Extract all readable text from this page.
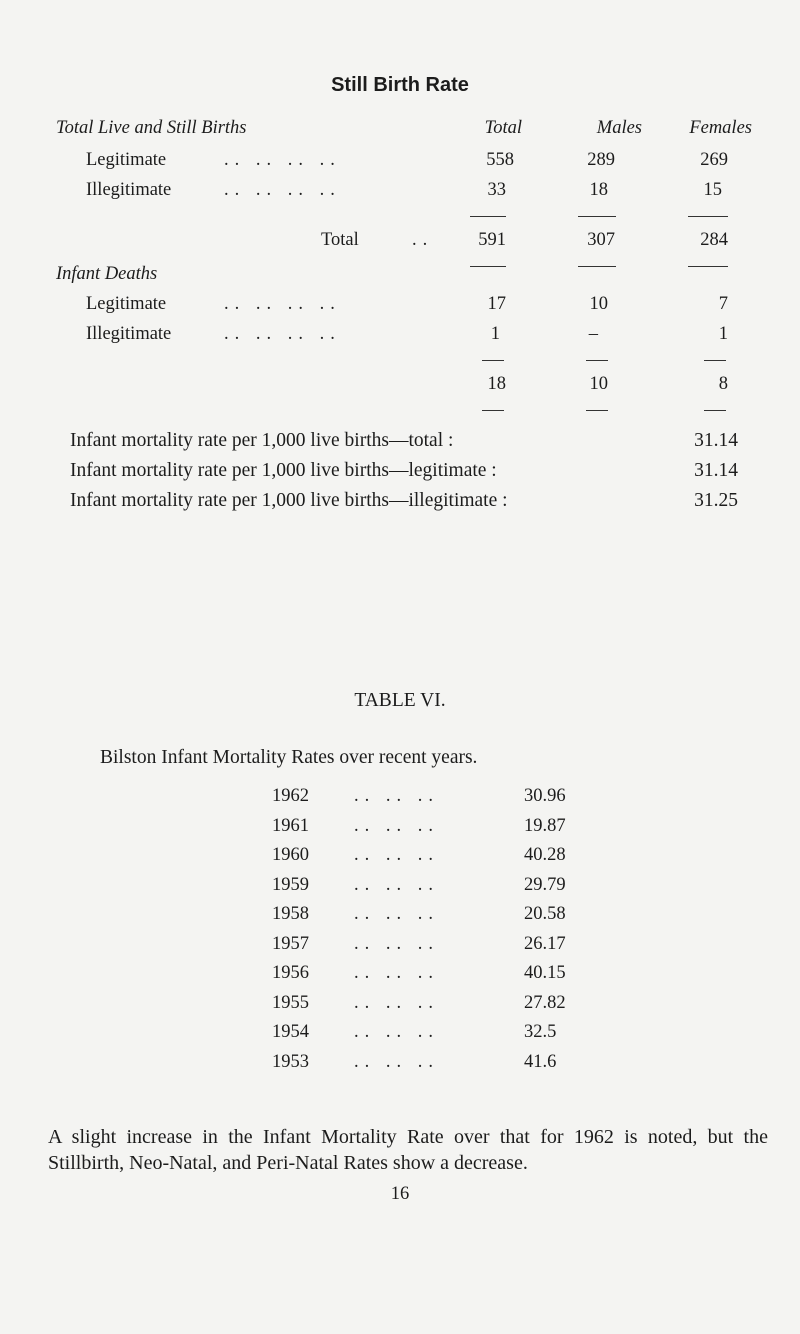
Still Birth Rate
Total Live and Still Births	Total	Males	Females
Legitimate	.. .. .. ..	558	289	269
Illegitimate	.. .. .. ..	33	18	15
Total	.. 591	307	284
Infant Deaths
Legitimate	.. .. .. ..	17	10	7
Illegitimate	.. .. .. ..	1	–	1
18	10	8
Infant mortality rate per 1,000 live births—total :	31.14
Infant mortality rate per 1,000 live births—legitimate :	31.14
Infant mortality rate per 1,000 live births—illegitimate :	31.25
TABLE VI.
Bilston Infant Mortality Rates over recent years.
1962 .. .. ..	30.96
1961 .. .. ..	19.87
1960 .. .. ..	40.28
1959 .. .. ..	29.79
1958 .. .. ..	20.58
1957 .. .. ..	26.17
1956 .. .. ..	40.15
1955 .. .. ..	27.82
1954 .. .. ..	32.5
1953 .. .. ..	41.6
A slight increase in the Infant Mortality Rate over that for 1962 is noted, but the Stillbirth, Neo-Natal, and Peri-Natal Rates show a decrease.
16
